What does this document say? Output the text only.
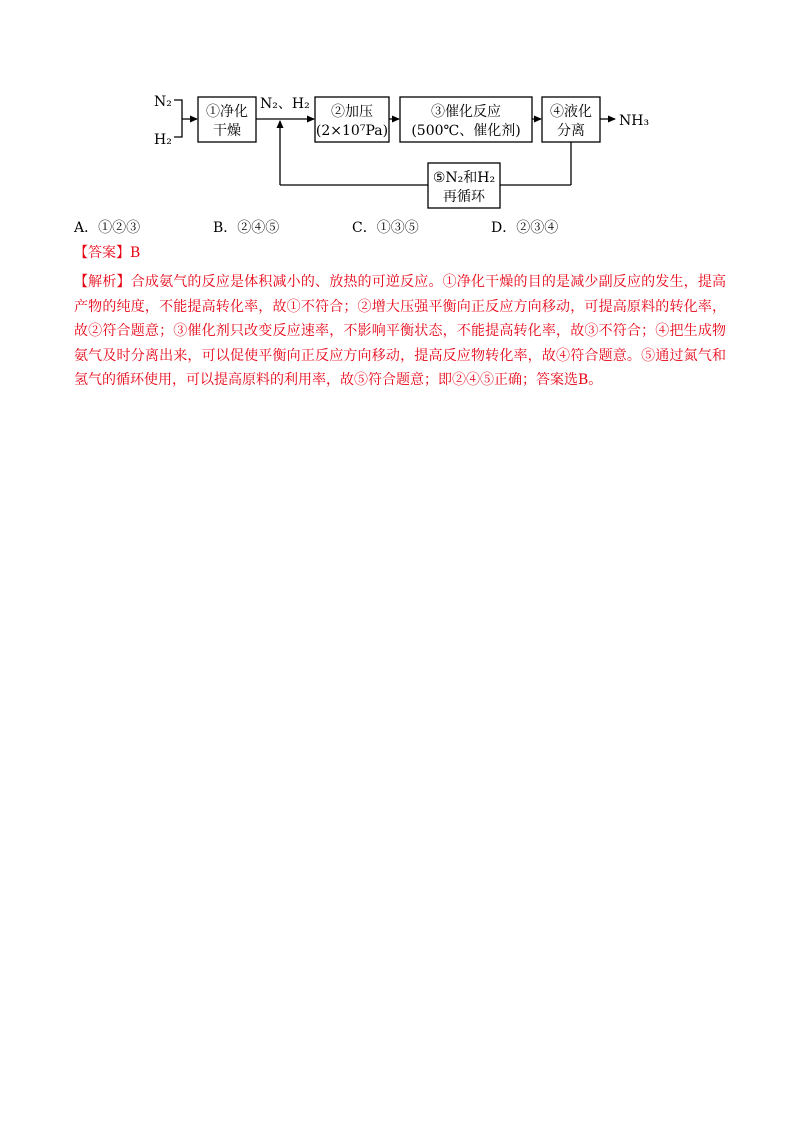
N₂
H₂
①净化
干燥
N₂、H₂ ②加压
(2×10⁷Pa)
③催化反应
(500℃、催化剂)
④液化
分离
NH₃
⑤N₂和H₂
再循环
A．①②③	B．②④⑤	C．①③⑤	D．②③④
【答案】B
【解析】合成氨气的反应是体积减小的、放热的可逆反应。①净化干燥的目的是减少副反应的发生，提高产物的纯度，不能提高转化率，故①不符合；②增大压强平衡向正反应方向移动，可提高原料的转化率，故②符合题意；③催化剂只改变反应速率，不影响平衡状态，不能提高转化率，故③不符合；④把生成物氨气及时分离出来，可以促使平衡向正反应方向移动，提高反应物转化率，故④符合题意。⑤通过氮气和氢气的循环使用，可以提高原料的利用率，故⑤符合题意；即②④⑤正确；答案选B。
